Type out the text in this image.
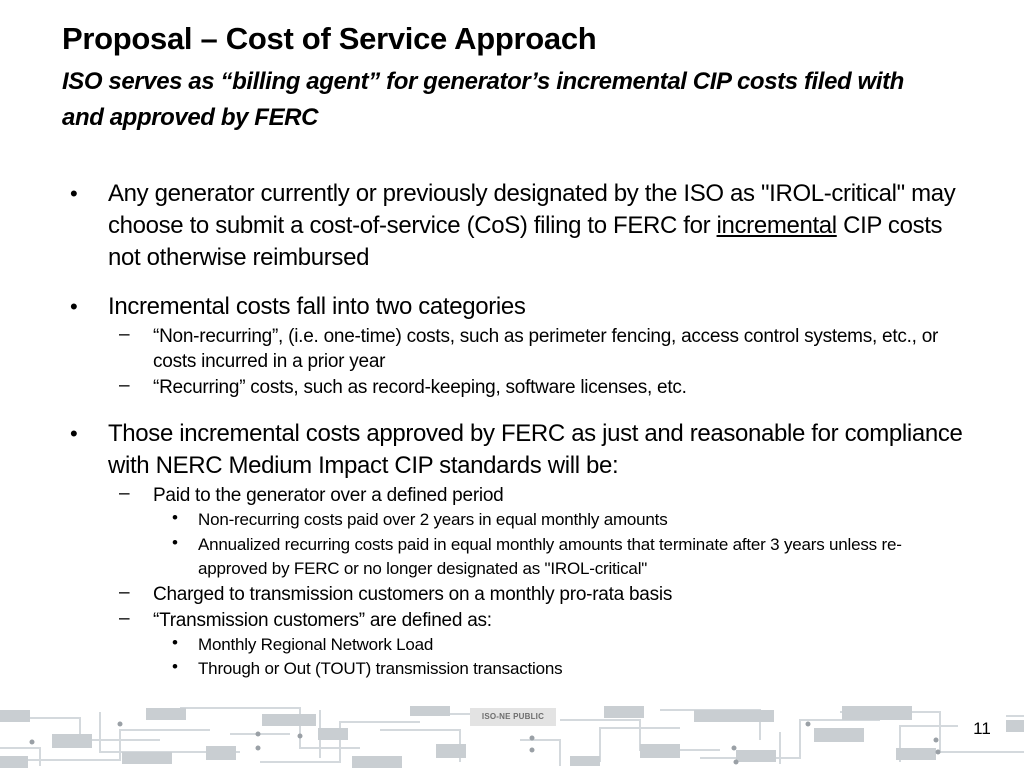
Proposal – Cost of Service Approach
ISO serves as “billing agent” for generator’s incremental CIP costs filed with and approved by FERC
• Any generator currently or previously designated by the ISO as "IROL-critical" may choose to submit a cost-of-service (CoS) filing to FERC for incremental CIP costs not otherwise reimbursed
• Incremental costs fall into two categories
– “Non-recurring”, (i.e. one-time) costs, such as perimeter fencing, access control systems, etc., or costs incurred in a prior year
– “Recurring” costs, such as record-keeping, software licenses, etc.
• Those incremental costs approved by FERC as just and reasonable for compliance with NERC Medium Impact CIP standards will be:
– Paid to the generator over a defined period
• Non-recurring costs paid over 2 years in equal monthly amounts
• Annualized recurring costs paid in equal monthly amounts that terminate after 3 years unless re-approved by FERC or no longer designated as "IROL-critical"
– Charged to transmission customers on a monthly pro-rata basis
– “Transmission customers” are defined as:
• Monthly Regional Network Load
• Through or Out (TOUT) transmission transactions
ISO-NE PUBLIC
11
